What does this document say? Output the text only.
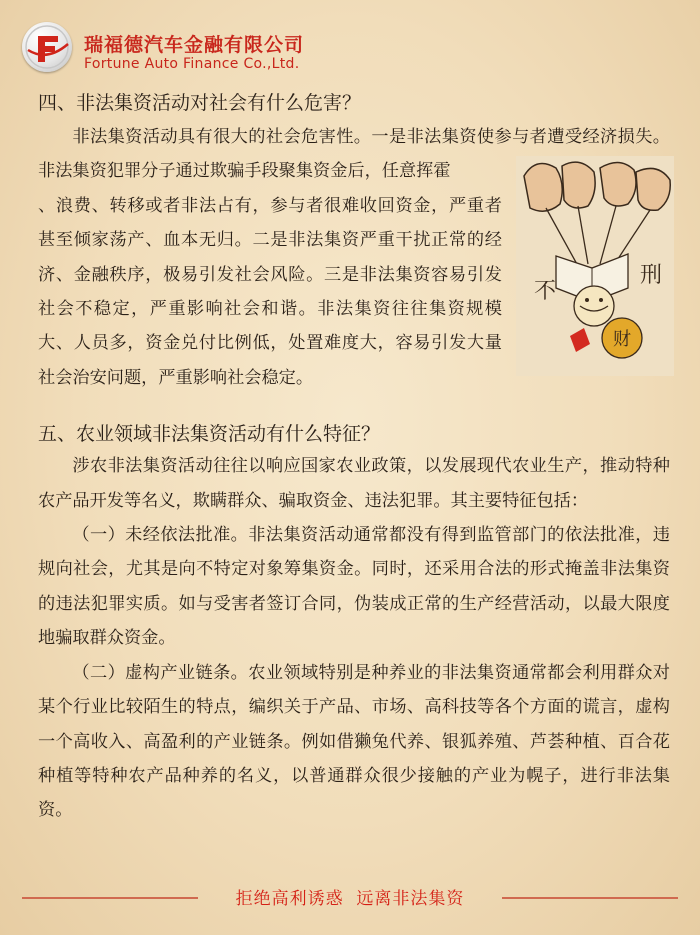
瑞福德汽车金融有限公司
Fortune Auto Finance Co.,Ltd.
四、非法集资活动对社会有什么危害？

非法集资活动具有很大的社会危害性。一是非法集资使参与者遭受经济损失。非法集资犯罪分子通过欺骗手段聚集资金后，任意挥霍

、浪费、转移或者非法占有，参与者很难收回资金，严重者甚至倾家荡产、血本无归。二是非法集资严重干扰正常的经济、金融秩序，极易引发社会风险。三是非法集资容易引发社会不稳定，严重影响社会和谐。非法集资往往集资规模大、人员多，资金兑付比例低，处置难度大，容易引发大量社会治安问题，严重影响社会稳定。

财
不
刑
五、农业领域非法集资活动有什么特征？

涉农非法集资活动往往以响应国家农业政策，以发展现代农业生产，推动特种农产品开发等名义，欺瞒群众、骗取资金、违法犯罪。其主要特征包括：

（一）未经依法批准。非法集资活动通常都没有得到监管部门的依法批准，违规向社会，尤其是向不特定对象筹集资金。同时，还采用合法的形式掩盖非法集资的违法犯罪实质。如与受害者签订合同，伪装成正常的生产经营活动，以最大限度地骗取群众资金。

（二）虚构产业链条。农业领域特别是种养业的非法集资通常都会利用群众对某个行业比较陌生的特点，编织关于产品、市场、高科技等各个方面的谎言，虚构一个高收入、高盈利的产业链条。例如借獭兔代养、银狐养殖、芦荟种植、百合花种植等特种农产品种养的名义，以普通群众很少接触的产业为幌子，进行非法集资。

拒绝高利诱惑  远离非法集资
